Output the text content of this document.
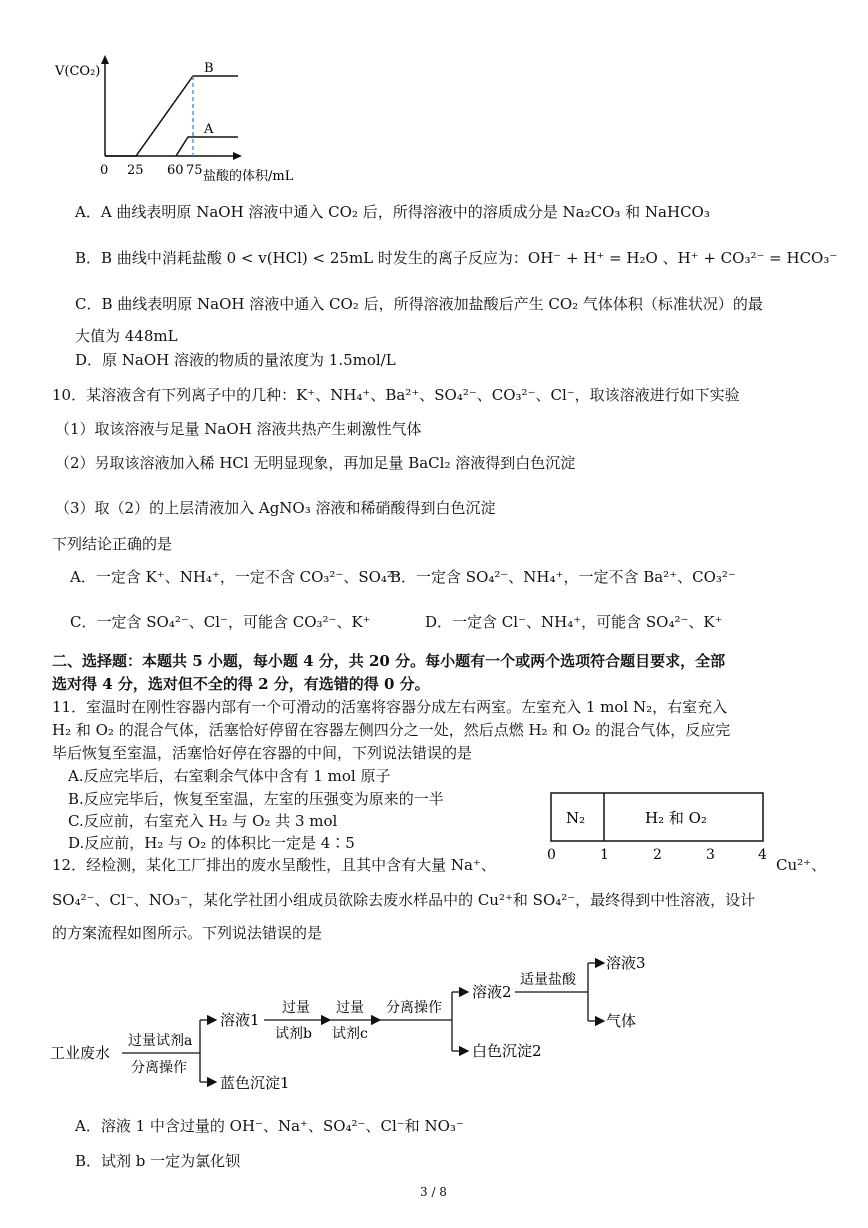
V(CO₂)	B
A
0 25 60 75 盐酸的体积/mL
A．A 曲线表明原 NaOH 溶液中通入 CO₂ 后，所得溶液中的溶质成分是 Na₂CO₃ 和 NaHCO₃
B．B 曲线中消耗盐酸 0 < v(HCl) < 25mL 时发生的离子反应为：OH⁻ + H⁺ = H₂O 、H⁺ + CO₃²⁻ = HCO₃⁻
C．B 曲线表明原 NaOH 溶液中通入 CO₂ 后，所得溶液加盐酸后产生 CO₂ 气体体积（标准状况）的最
大值为 448mL
D．原 NaOH 溶液的物质的量浓度为 1.5mol/L
10．某溶液含有下列离子中的几种：K⁺、NH₄⁺、Ba²⁺、SO₄²⁻、CO₃²⁻、Cl⁻，取该溶液进行如下实验
（1）取该溶液与足量 NaOH 溶液共热产生刺激性气体
（2）另取该溶液加入稀 HCl 无明显现象，再加足量 BaCl₂ 溶液得到白色沉淀
（3）取（2）的上层清液加入 AgNO₃ 溶液和稀硝酸得到白色沉淀
下列结论正确的是
A．一定含 K⁺、NH₄⁺，一定不含 CO₃²⁻、SO₄²⁻
B．一定含 SO₄²⁻、NH₄⁺，一定不含 Ba²⁺、CO₃²⁻
C．一定含 SO₄²⁻、Cl⁻，可能含 CO₃²⁻、K⁺	D．一定含 Cl⁻、NH₄⁺，可能含 SO₄²⁻、K⁺
二、选择题：本题共 5 小题，每小题 4 分，共 20 分。每小题有一个或两个选项符合题目要求，全部
选对得 4 分，选对但不全的得 2 分，有选错的得 0 分。
11．室温时在刚性容器内部有一个可滑动的活塞将容器分成左右两室。左室充入 1 mol N₂，右室充入
H₂ 和 O₂ 的混合气体，活塞恰好停留在容器左侧四分之一处，然后点燃 H₂ 和 O₂ 的混合气体，反应完
毕后恢复至室温，活塞恰好停在容器的中间，下列说法错误的是
A.反应完毕后，右室剩余气体中含有 1 mol 原子
B.反应完毕后，恢复至室温，左室的压强变为原来的一半
C.反应前，右室充入 H₂ 与 O₂ 共 3 mol
D.反应前，H₂ 与 O₂ 的体积比一定是 4∶5
N₂	H₂ 和 O₂
0	1	2	3	4
12．经检测，某化工厂排出的废水呈酸性，且其中含有大量 Na⁺、	Cu²⁺、
SO₄²⁻、Cl⁻、NO₃⁻，某化学社团小组成员欲除去废水样品中的 Cu²⁺和 SO₄²⁻，最终得到中性溶液，设计
的方案流程如图所示。下列说法错误的是
工业废水
过量试剂a
分离操作
溶液1
蓝色沉淀1
过量
试剂b
过量
试剂c
分离操作
溶液2
白色沉淀2
适量盐酸
溶液3
气体
A．溶液 1 中含过量的 OH⁻、Na⁺、SO₄²⁻、Cl⁻和 NO₃⁻
B．试剂 b 一定为氯化钡
3 / 8
